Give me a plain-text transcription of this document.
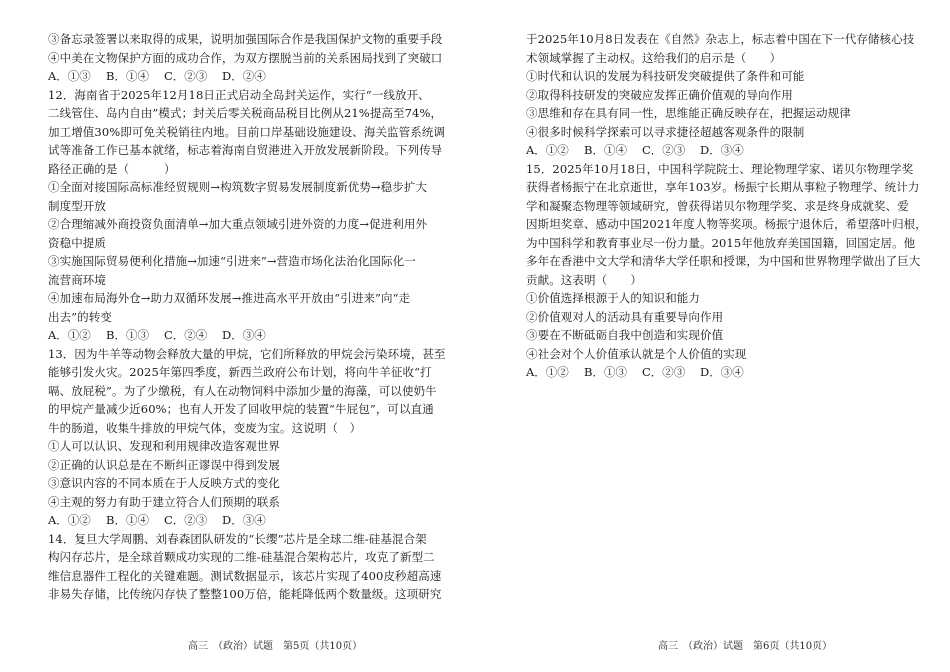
③备忘录签署以来取得的成果，说明加强国际合作是我国保护文物的重要手段
④中美在文物保护方面的成功合作，为双方摆脱当前的关系困局找到了突破口
A．①③	B．①④	C．②③	D．②④
12．海南省于2025年12月18日正式启动全岛封关运作，实行“一线放开、
二线管住、岛内自由”模式；封关后零关税商品税目比例从21%提高至74%，
加工增值30%即可免关税销往内地。目前口岸基础设施建设、海关监管系统调
试等准备工作已基本就绪，标志着海南自贸港进入开放发展新阶段。下列传导
路径正确的是（　　　）
①全面对接国际高标准经贸规则→构筑数字贸易发展制度新优势→稳步扩大
制度型开放
②合理缩减外商投资负面清单→加大重点领域引进外资的力度→促进利用外
资稳中提质
③实施国际贸易便利化措施→加速“引进来”→营造市场化法治化国际化一
流营商环境
④加速布局海外仓→助力双循环发展→推进高水平开放由“引进来”向“走
出去”的转变
A．①②	B．①③	C．②④	D．③④
13．因为牛羊等动物会释放大量的甲烷，它们所释放的甲烷会污染环境，甚至
能够引发火灾。2025年第四季度，新西兰政府公布计划，将向牛羊征收“打
嗝、放屁税”。为了少缴税，有人在动物饲料中添加少量的海藻，可以使奶牛
的甲烷产量减少近60%；也有人开发了回收甲烷的装置“牛屁包”，可以直通
牛的肠道，收集牛排放的甲烷气体，变废为宝。这说明（　）
①人可以认识、发现和利用规律改造客观世界
②正确的认识总是在不断纠正谬误中得到发展
③意识内容的不同本质在于人反映方式的变化
④主观的努力有助于建立符合人们预期的联系
A．①②	B．①④	C．②③	D．③④
14．复旦大学周鹏、刘春森团队研发的“长缨”芯片是全球二维-硅基混合架
构闪存芯片，是全球首颗成功实现的二维-硅基混合架构芯片，攻克了新型二
维信息器件工程化的关键难题。测试数据显示，该芯片实现了400皮秒超高速
非易失存储，比传统闪存快了整整100万倍，能耗降低两个数量级。这项研究
高三　（政治）试题　第5页（共10页）
于2025年10月8日发表在《自然》杂志上，标志着中国在下一代存储核心技
术领域掌握了主动权。这给我们的启示是（　　）
①时代和认识的发展为科技研发突破提供了条件和可能
②取得科技研发的突破应发挥正确价值观的导向作用
③思维和存在具有同一性，思维能正确反映存在，把握运动规律
④很多时候科学探索可以寻求捷径超越客观条件的限制
A．①②	B．①④	C．②③	D．③④
15．2025年10月18日，中国科学院院士、理论物理学家、诺贝尔物理学奖
获得者杨振宁在北京逝世，享年103岁。杨振宁长期从事粒子物理学、统计力
学和凝聚态物理等领域研究，曾获得诺贝尔物理学奖、求是终身成就奖、爱
因斯坦奖章、感动中国2021年度人物等奖项。杨振宁退休后，希望落叶归根，
为中国科学和教育事业尽一份力量。2015年他放弃美国国籍，回国定居。他
多年在香港中文大学和清华大学任职和授课，为中国和世界物理学做出了巨大
贡献。这表明（　　）
①价值选择根源于人的知识和能力
②价值观对人的活动具有重要导向作用
③要在不断砥砺自我中创造和实现价值
④社会对个人价值承认就是个人价值的实现
A．①②	B．①③	C．②③	D．③④
高三　（政治）试题　第6页（共10页）
